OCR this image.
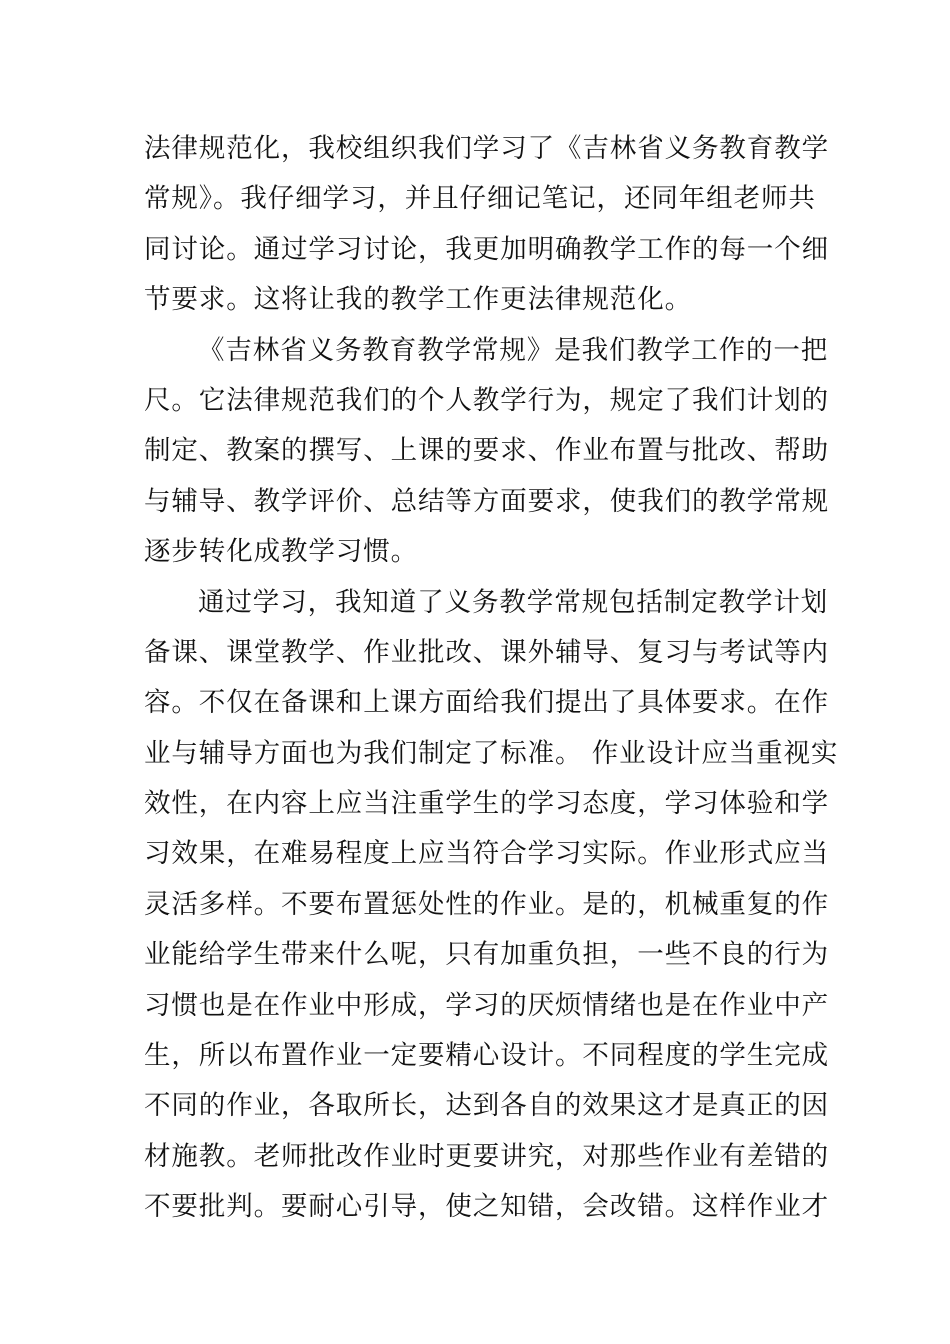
法律规范化，我校组织我们学习了《吉林省义务教育教学
常规》。我仔细学习，并且仔细记笔记，还同年组老师共
同讨论。通过学习讨论，我更加明确教学工作的每一个细
节要求。这将让我的教学工作更法律规范化。
《吉林省义务教育教学常规》是我们教学工作的一把
尺。它法律规范我们的个人教学行为，规定了我们计划的
制定、教案的撰写、上课的要求、作业布置与批改、帮助
与辅导、教学评价、总结等方面要求，使我们的教学常规
逐步转化成教学习惯。
通过学习，我知道了义务教学常规包括制定教学计划
备课、课堂教学、作业批改、课外辅导、复习与考试等内
容。不仅在备课和上课方面给我们提出了具体要求。在作
业与辅导方面也为我们制定了标准。 作业设计应当重视实
效性，在内容上应当注重学生的学习态度，学习体验和学
习效果，在难易程度上应当符合学习实际。作业形式应当
灵活多样。不要布置惩处性的作业。是的，机械重复的作
业能给学生带来什么呢，只有加重负担，一些不良的行为
习惯也是在作业中形成，学习的厌烦情绪也是在作业中产
生，所以布置作业一定要精心设计。不同程度的学生完成
不同的作业，各取所长，达到各自的效果这才是真正的因
材施教。老师批改作业时更要讲究，对那些作业有差错的
不要批判。要耐心引导，使之知错，会改错。这样作业才
